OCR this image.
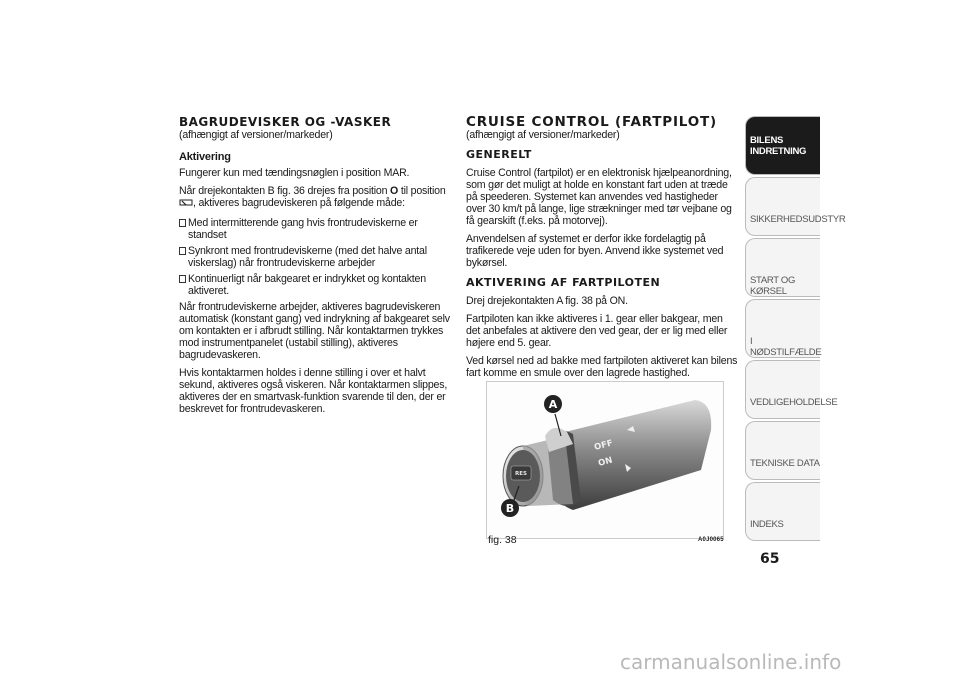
BAGRUDEVISKER OG -VASKER
(afhængigt af versioner/markeder)
Aktivering

Fungerer kun med tændingsnøglen i position MAR.

Når drejekontakten B fig. 36 drejes fra position O til position , aktiveres bagrudeviskeren på følgende måde:

Med intermitterende gang hvis frontrudeviskerne er standset
Synkront med frontrudeviskerne (med det halve antal viskerslag) når frontrudeviskerne arbejder
Kontinuerligt når bakgearet er indrykket og kontakten aktiveret.

Når frontrudeviskerne arbejder, aktiveres bagrudeviskeren automatisk (konstant gang) ved indrykning af bakgearet selv om kontakten er i afbrudt stilling. Når kontaktarmen trykkes mod instrumentpanelet (ustabil stilling), aktiveres bagrudevaskeren.

Hvis kontaktarmen holdes i denne stilling i over et halvt sekund, aktiveres også viskeren. Når kontaktarmen slippes, aktiveres der en smartvask-funktion svarende til den, der er beskrevet for frontrudevaskeren.

CRUISE CONTROL (FARTPILOT)
(afhængigt af versioner/markeder)
GENERELT

Cruise Control (fartpilot) er en elektronisk hjælpeanordning, som gør det muligt at holde en konstant fart uden at træde på speederen. Systemet kan anvendes ved hastigheder over 30 km/t på lange, lige strækninger med tør vejbane og få gearskift (f.eks. på motorvej).

Anvendelsen af systemet er derfor ikke fordelagtig på trafikerede veje uden for byen. Anvend ikke systemet ved bykørsel.

AKTIVERING AF FARTPILOTEN

Drej drejekontakten A fig. 38 på ON.

Fartpiloten kan ikke aktiveres i 1. gear eller bakgear, men det anbefales at aktivere den ved gear, der er lig med eller højere end 5. gear.

Ved kørsel ned ad bakke med fartpiloten aktiveret kan bilens fart komme en smule over den lagrede hastighed.

RES
OFF
ON
A
B
fig. 38	A0J0065
BILENS INDRETNING
SIKKERHEDSUDSTYR
START OG KØRSEL
I NØDSTILFÆLDE
VEDLIGEHOLDELSE
TEKNISKE DATA
INDEKS
65
carmanualsonline.info
